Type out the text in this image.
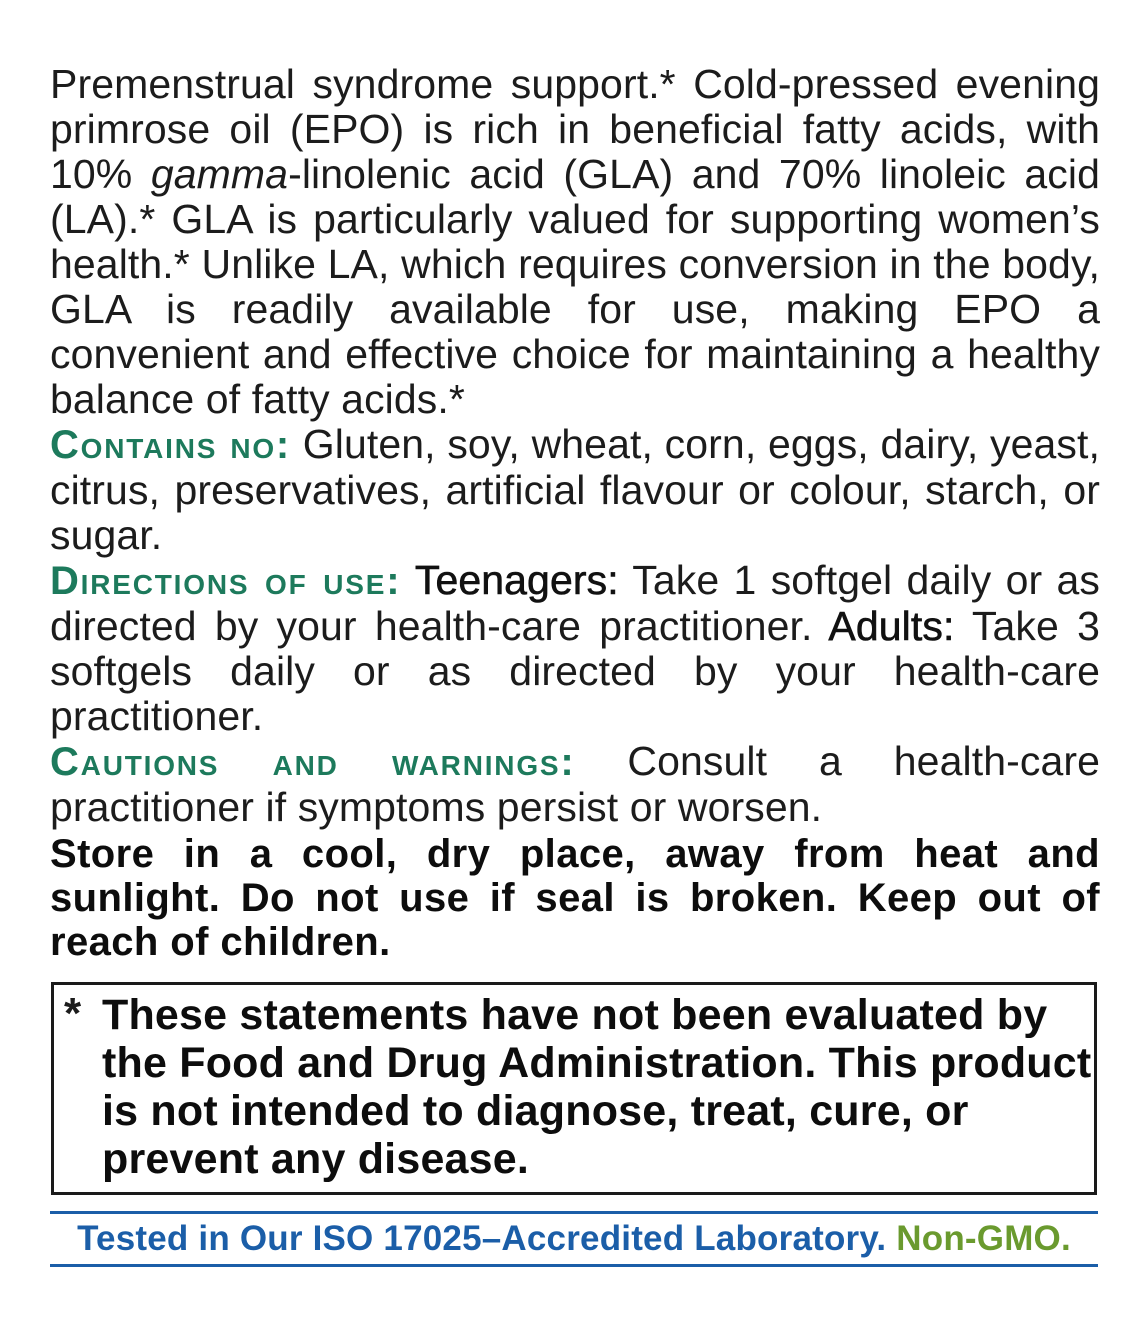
Premenstrual syndrome support.* Cold-pressed evening primrose oil (EPO) is rich in beneficial fatty acids, with 10% gamma-linolenic acid (GLA) and 70% linoleic acid (LA).* GLA is particularly valued for supporting women’s health.* Unlike LA, which requires conversion in the body, GLA is readily available for use, making EPO a convenient and effective choice for maintaining a healthy balance of fatty acids.*

Contains no: Gluten, soy, wheat, corn, eggs, dairy, yeast, citrus, preservatives, artificial flavour or colour, starch, or sugar.

Directions of use: Teenagers: Take 1 softgel daily or as directed by your health-care practitioner. Adults: Take 3 softgels daily or as directed by your health-care practitioner.

Cautions and warnings: Consult a health-care practitioner if symptoms persist or worsen.

Store in a cool, dry place, away from heat and sunlight. Do not use if seal is broken. Keep out of reach of children.

* These statements have not been evaluated by the Food and Drug Administration. This product is not intended to diagnose, treat, cure, or prevent any disease.

Tested in Our ISO 17025–Accredited Laboratory. Non-GMO.
